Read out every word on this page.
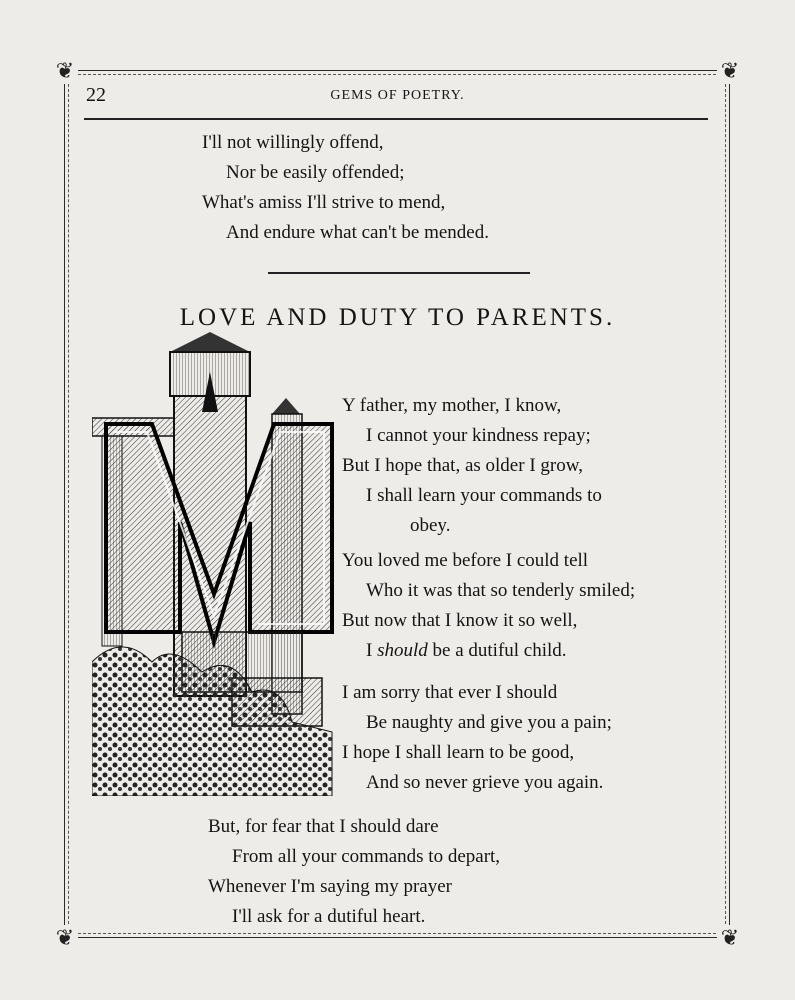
❦	❦
❦	❦
22	GEMS OF POETRY.
I'll not willingly offend,
Nor be easily offended;
What's amiss I'll strive to mend,
And endure what can't be mended.
LOVE AND DUTY TO PARENTS.
Y father, my mother, I know,
I cannot your kindness repay;
But I hope that, as older I grow,
I shall learn your commands to
obey.
You loved me before I could tell
Who it was that so tenderly smiled;
But now that I know it so well,
I should be a dutiful child.
I am sorry that ever I should
Be naughty and give you a pain;
I hope I shall learn to be good,
And so never grieve you again.
But, for fear that I should dare
From all your commands to depart,
Whenever I'm saying my prayer
I'll ask for a dutiful heart.
